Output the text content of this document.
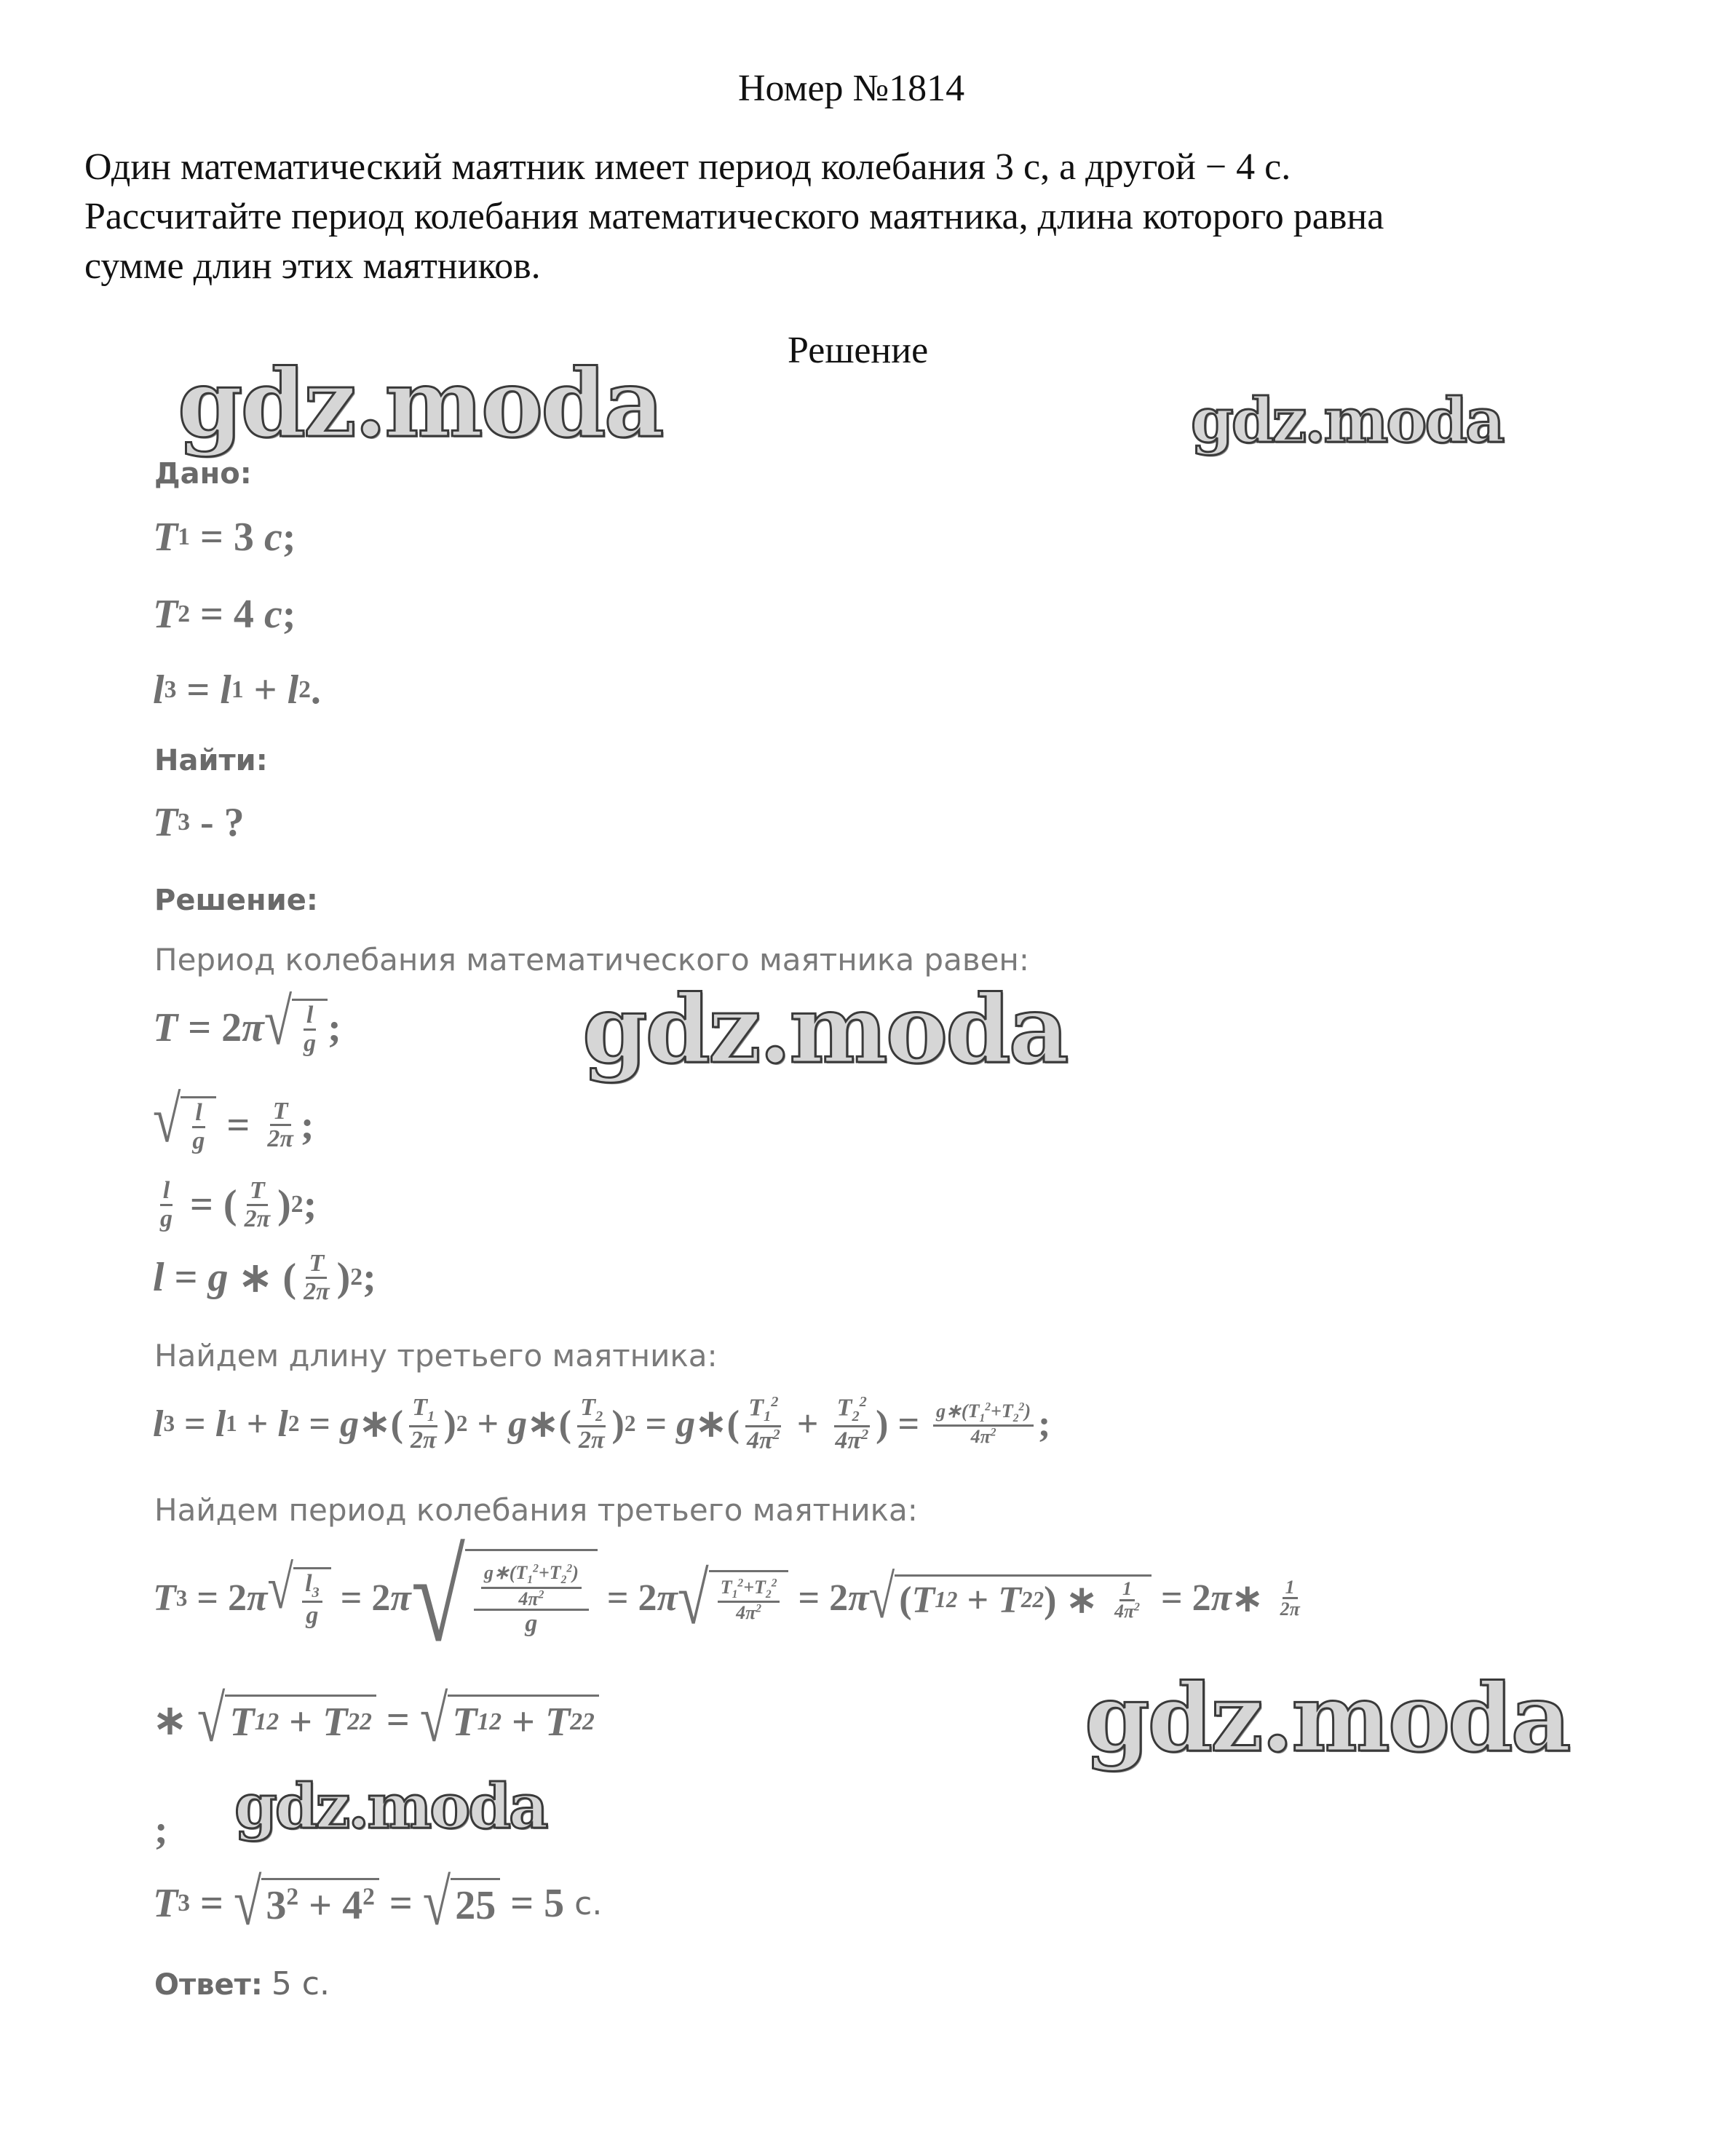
Номер №1814

Один математический маятник имеет период колебания 3 с, а другой − 4 с.

Рассчитайте период колебания математического маятника, длина которого равна

сумме длин этих маятников.

Решение
gdz.moda	gdz.moda
gdz.moda
gdz.moda
gdz.moda
Дано:
T 1
= 3
c ;
T 2
= 4
c ;
l 3
= l 1
+ l 2 .
Найти:
T 3
- ?
Решение:
Период колебания математического маятника равен:
T =
2 π √ $\frac{l}{g}$ ;
√ $\frac{l}{g}$
=
$\frac{T}{2\pi}$ ;
$\frac{l}{g}$
= ( $\frac{T}{2\pi}$ ) 2 ;
l = g ∗ ( $\frac{T}{2\pi}$ ) 2 ;
Найдем длину третьего маятника:
l 3
= l 1
+ l 2
= g ∗( $\frac{T_1}{2\pi}$ ) 2
+ g ∗( $\frac{T_2}{2\pi}$ ) 2
= g ∗( $\frac{T_1^2}{4\pi^2}$
+
$\frac{T_2^2}{4\pi^2}$ )
=
$\frac{g∗(T_1^2+T_2^2)}{4\pi^2}$ ;
Найдем период колебания третьего маятника:
T 3
=
2 π √ $\frac{l_3}{g}$
=
2 π √ $\frac{\frac{g∗(T_1^2+T_2^2)}{4\pi^2}}{g}$
=
2 π √ $\frac{T_1^2+T_2^2}{4\pi^2}$
=
2 π √ ( T 1 2
+ T 2 2 ) ∗
$\frac{1}{4\pi^2}$
=
2 π ∗
$\frac{1}{2\pi}$
∗
√ T 1 2
+ T 2 2
=
√ T 1 2
+ T 2 2
;
T 3
=
√ $3^2 + 4^2$
=
√ 25
= 5
с.
Ответ: 5 с.
